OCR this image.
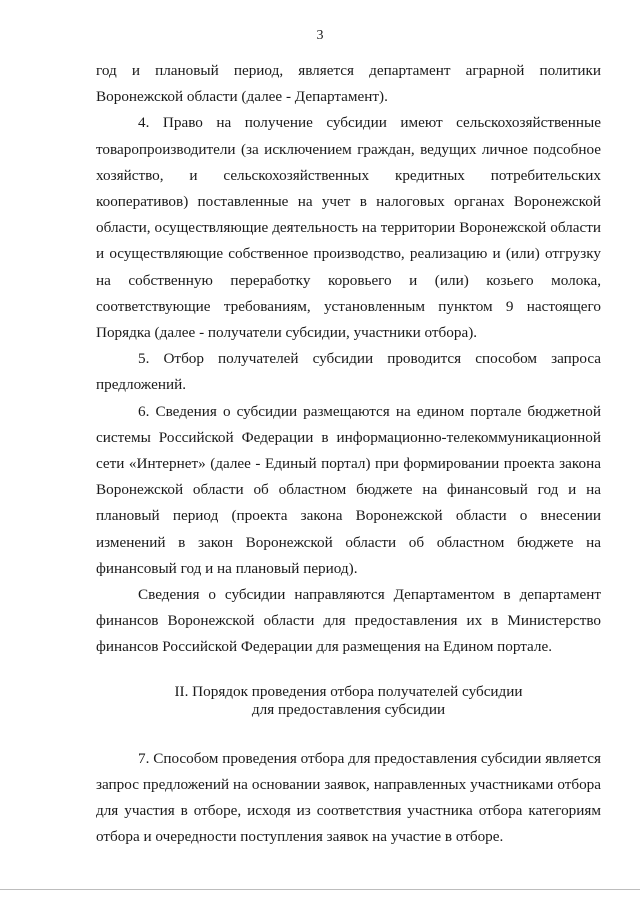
3

год и плановый период, является департамент аграрной политики Воронежской области (далее - Департамент).

4. Право на получение субсидии имеют сельскохозяйственные товаропроизводители (за исключением граждан, ведущих личное подсобное хозяйство, и сельскохозяйственных кредитных потребительских кооперативов) поставленные на учет в налоговых органах Воронежской области, осуществляющие деятельность на территории Воронежской области и осуществляющие собственное производство, реализацию и (или) отгрузку на собственную переработку коровьего и (или) козьего молока, соответствующие требованиям, установленным пунктом 9 настоящего Порядка (далее - получатели субсидии, участники отбора).

5. Отбор получателей субсидии проводится способом запроса предложений.

6. Сведения о субсидии размещаются на едином портале бюджетной системы Российской Федерации в информационно-телекоммуникационной сети «Интернет» (далее - Единый портал) при формировании проекта закона Воронежской области об областном бюджете на финансовый год и на плановый период (проекта закона Воронежской области о внесении изменений в закон Воронежской области об областном бюджете на финансовый год и на плановый период).

Сведения о субсидии направляются Департаментом в департамент финансов Воронежской области для предоставления их в Министерство финансов Российской Федерации для размещения на Едином портале.

II. Порядок проведения отбора получателей субсидии
для предоставления субсидии

7. Способом проведения отбора для предоставления субсидии является запрос предложений на основании заявок, направленных участниками отбора для участия в отборе, исходя из соответствия участника отбора категориям отбора и очередности поступления заявок на участие в отборе.
